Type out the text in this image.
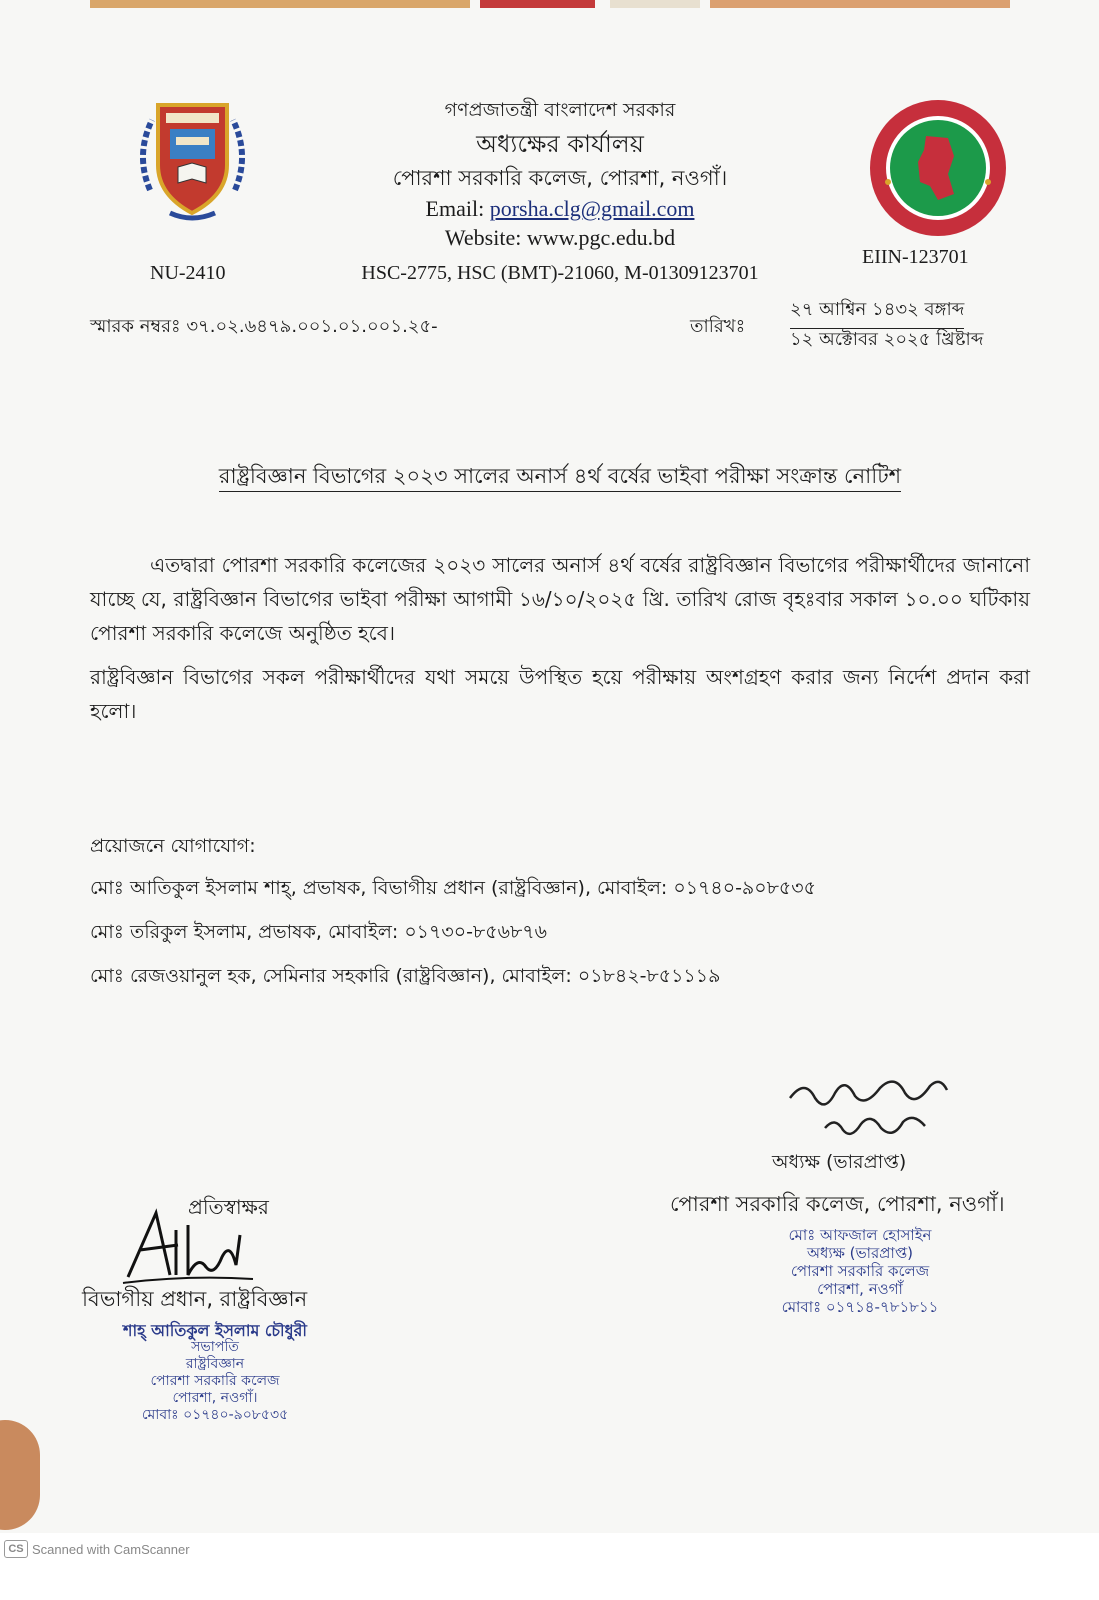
গণপ্রজাতন্ত্রী বাংলাদেশ সরকার
অধ্যক্ষের কার্যালয়
পোরশা সরকারি কলেজ, পোরশা, নওগাঁ।
Email: porsha.clg@gmail.com
Website: www.pgc.edu.bd
HSC-2775, HSC (BMT)-21060, M-01309123701
NU-2410
EIIN-123701
স্মারক নম্বরঃ ৩৭.০২.৬৪৭৯.০০১.০১.০০১.২৫-	তারিখঃ
২৭ আশ্বিন ১৪৩২ বঙ্গাব্দ
১২ অক্টোবর ২০২৫ খ্রিষ্টাব্দ
রাষ্ট্রবিজ্ঞান বিভাগের ২০২৩ সালের অনার্স ৪র্থ বর্ষের ভাইবা পরীক্ষা সংক্রান্ত নোটিশ
এতদ্বারা পোরশা সরকারি কলেজের ২০২৩ সালের অনার্স ৪র্থ বর্ষের রাষ্ট্রবিজ্ঞান বিভাগের পরীক্ষার্থীদের জানানো যাচ্ছে যে, রাষ্ট্রবিজ্ঞান বিভাগের ভাইবা পরীক্ষা আগামী ১৬/১০/২০২৫ খ্রি. তারিখ রোজ বৃহঃবার সকাল ১০.০০ ঘটিকায় পোরশা সরকারি কলেজে অনুষ্ঠিত হবে।
রাষ্ট্রবিজ্ঞান বিভাগের সকল পরীক্ষার্থীদের যথা সময়ে উপস্থিত হয়ে পরীক্ষায় অংশগ্রহণ করার জন্য নির্দেশ প্রদান করা হলো।
প্রয়োজনে যোগাযোগ:
মোঃ আতিকুল ইসলাম শাহ্‌, প্রভাষক, বিভাগীয় প্রধান (রাষ্ট্রবিজ্ঞান), মোবাইল: ০১৭৪০-৯০৮৫৩৫
মোঃ তরিকুল ইসলাম, প্রভাষক, মোবাইল: ০১৭৩০-৮৫৬৮৭৬
মোঃ রেজওয়ানুল হক, সেমিনার সহকারি (রাষ্ট্রবিজ্ঞান), মোবাইল: ০১৮৪২-৮৫১১১৯
অধ্যক্ষ (ভারপ্রাপ্ত)
পোরশা সরকারি কলেজ, পোরশা, নওগাঁ।
মোঃ আফজাল হোসাইন
অধ্যক্ষ (ভারপ্রাপ্ত)
পোরশা সরকারি কলেজ
পোরশা, নওগাঁ
মোবাঃ ০১৭১৪-৭৮১৮১১
প্রতিস্বাক্ষর
বিভাগীয় প্রধান, রাষ্ট্রবিজ্ঞান
শাহ্‌ আতিকুল ইসলাম চৌধুরী
সভাপতি
রাষ্ট্রবিজ্ঞান
পোরশা সরকারি কলেজ
পোরশা, নওগাঁ।
মোবাঃ ০১৭৪০-৯০৮৫৩৫
CS Scanned with CamScanner
